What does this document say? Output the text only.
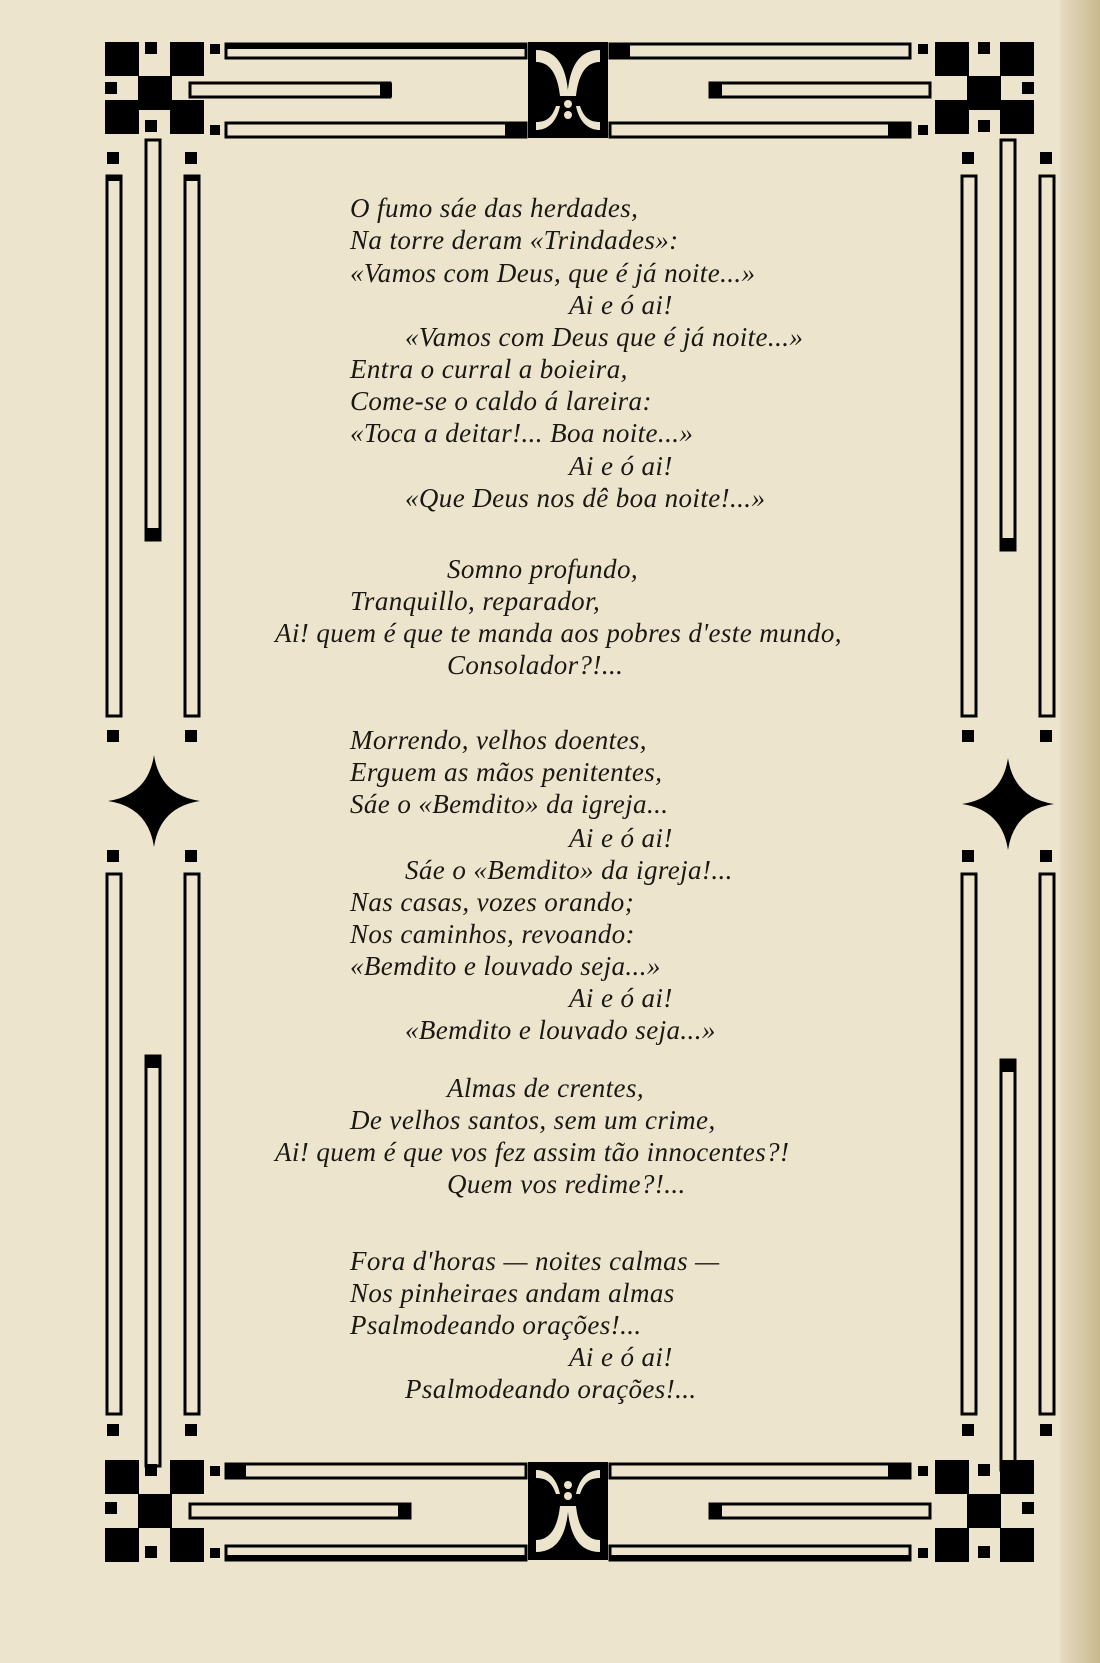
O fumo sáe das herdades,
Na torre deram «Trindades»:
«Vamos com Deus, que é já noite...»
Ai e ó ai!
«Vamos com Deus que é já noite...»
Entra o curral a boieira,
Come-se o caldo á lareira:
«Toca a deitar!... Boa noite...»
Ai e ó ai!
«Que Deus nos dê boa noite!...»
Somno profundo,
Tranquillo, reparador,
Ai! quem é que te manda aos pobres d'este mundo,
Consolador?!...
Morrendo, velhos doentes,
Erguem as mãos penitentes,
Sáe o «Bemdito» da igreja...
Ai e ó ai!
Sáe o «Bemdito» da igreja!...
Nas casas, vozes orando;
Nos caminhos, revoando:
«Bemdito e louvado seja...»
Ai e ó ai!
«Bemdito e louvado seja...»
Almas de crentes,
De velhos santos, sem um crime,
Ai! quem é que vos fez assim tão innocentes?!
Quem vos redime?!...
Fora d'horas — noites calmas —
Nos pinheiraes andam almas
Psalmodeando orações!...
Ai e ó ai!
Psalmodeando orações!...
